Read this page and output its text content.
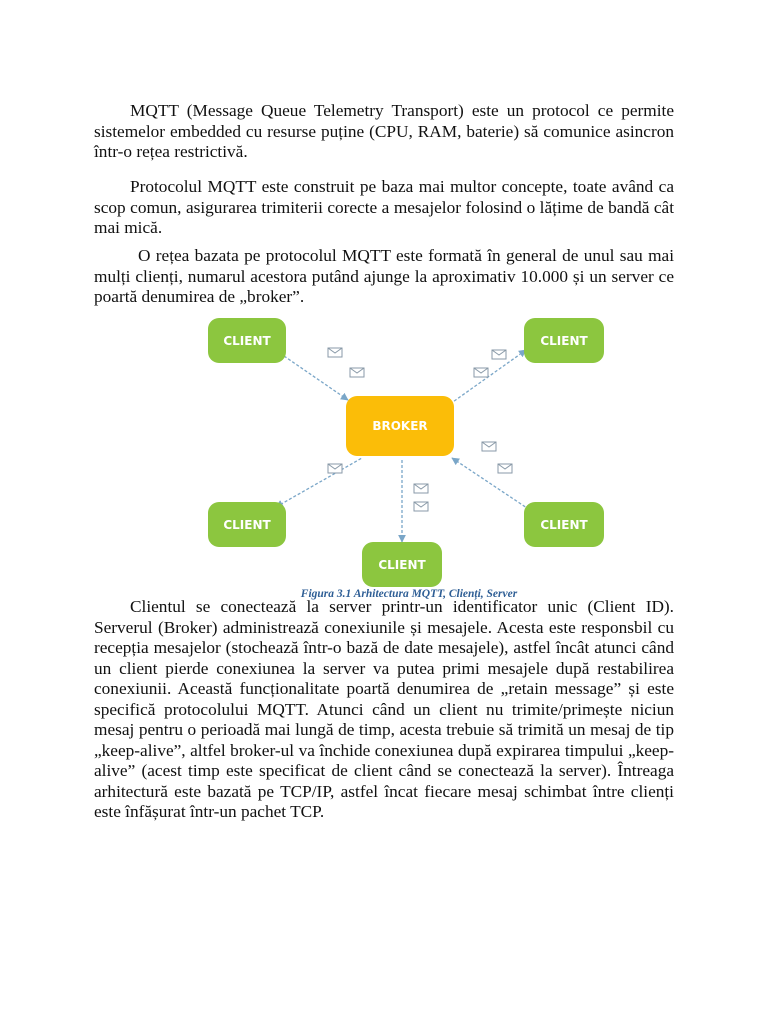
MQTT (Message Queue Telemetry Transport) este un protocol ce permite sistemelor embedded cu resurse puține (CPU, RAM, baterie) să comunice asincron într-o rețea restrictivă.

Protocolul MQTT este construit pe baza mai multor concepte, toate având ca scop comun, asigurarea trimiterii corecte a mesajelor folosind o lățime de bandă cât mai mică.

O rețea bazata pe protocolul MQTT este formată în general de unul sau mai mulți clienți, numarul acestora putând ajunge la aproximativ 10.000 și un server ce poartă denumirea de „broker”.

CLIENT	CLIENT
CLIENT	CLIENT
CLIENT
BROKER
Figura 3.1 Arhitectura MQTT, Clienți, Server

Clientul se conectează la server printr-un identificator unic (Client ID). Serverul (Broker) administrează conexiunile și mesajele. Acesta este responsbil cu recepția mesajelor (stochează într-o bază de date mesajele), astfel încât atunci când un client pierde conexiunea la server va putea primi mesajele după restabilirea conexiunii. Această funcționalitate poartă denumirea de „retain message” și este specifică protocolului MQTT. Atunci când un client nu trimite/primește niciun mesaj pentru o perioadă mai lungă de timp, acesta trebuie să trimită un mesaj de tip „keep-alive”, altfel broker-ul va închide conexiunea după expirarea timpului „keep-alive” (acest timp este specificat de client când se conectează la server). Întreaga arhitectură este bazată pe TCP/IP, astfel încat fiecare mesaj schimbat între clienți este înfășurat într-un pachet TCP.
